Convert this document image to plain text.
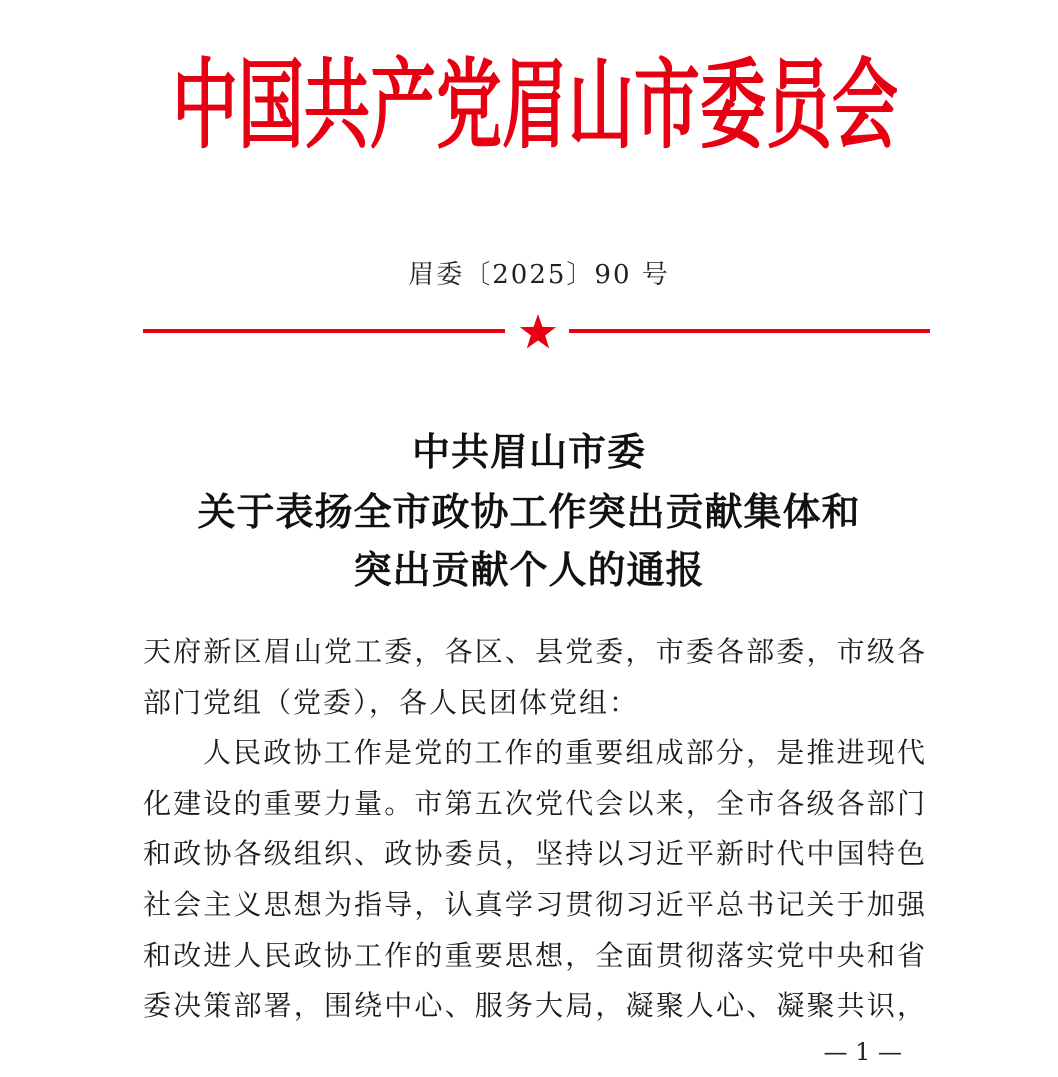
中国共产党眉山市委员会
眉委〔2025〕90 号
中共眉山市委
关于表扬全市政协工作突出贡献集体和
突出贡献个人的通报
天府新区眉山党工委，各区、县党委，市委各部委，市级各
部门党组（党委），各人民团体党组：
人民政协工作是党的工作的重要组成部分，是推进现代
化建设的重要力量。市第五次党代会以来，全市各级各部门
和政协各级组织、政协委员，坚持以习近平新时代中国特色
社会主义思想为指导，认真学习贯彻习近平总书记关于加强
和改进人民政协工作的重要思想，全面贯彻落实党中央和省
委决策部署，围绕中心、服务大局，凝聚人心、凝聚共识，
— 1 —
